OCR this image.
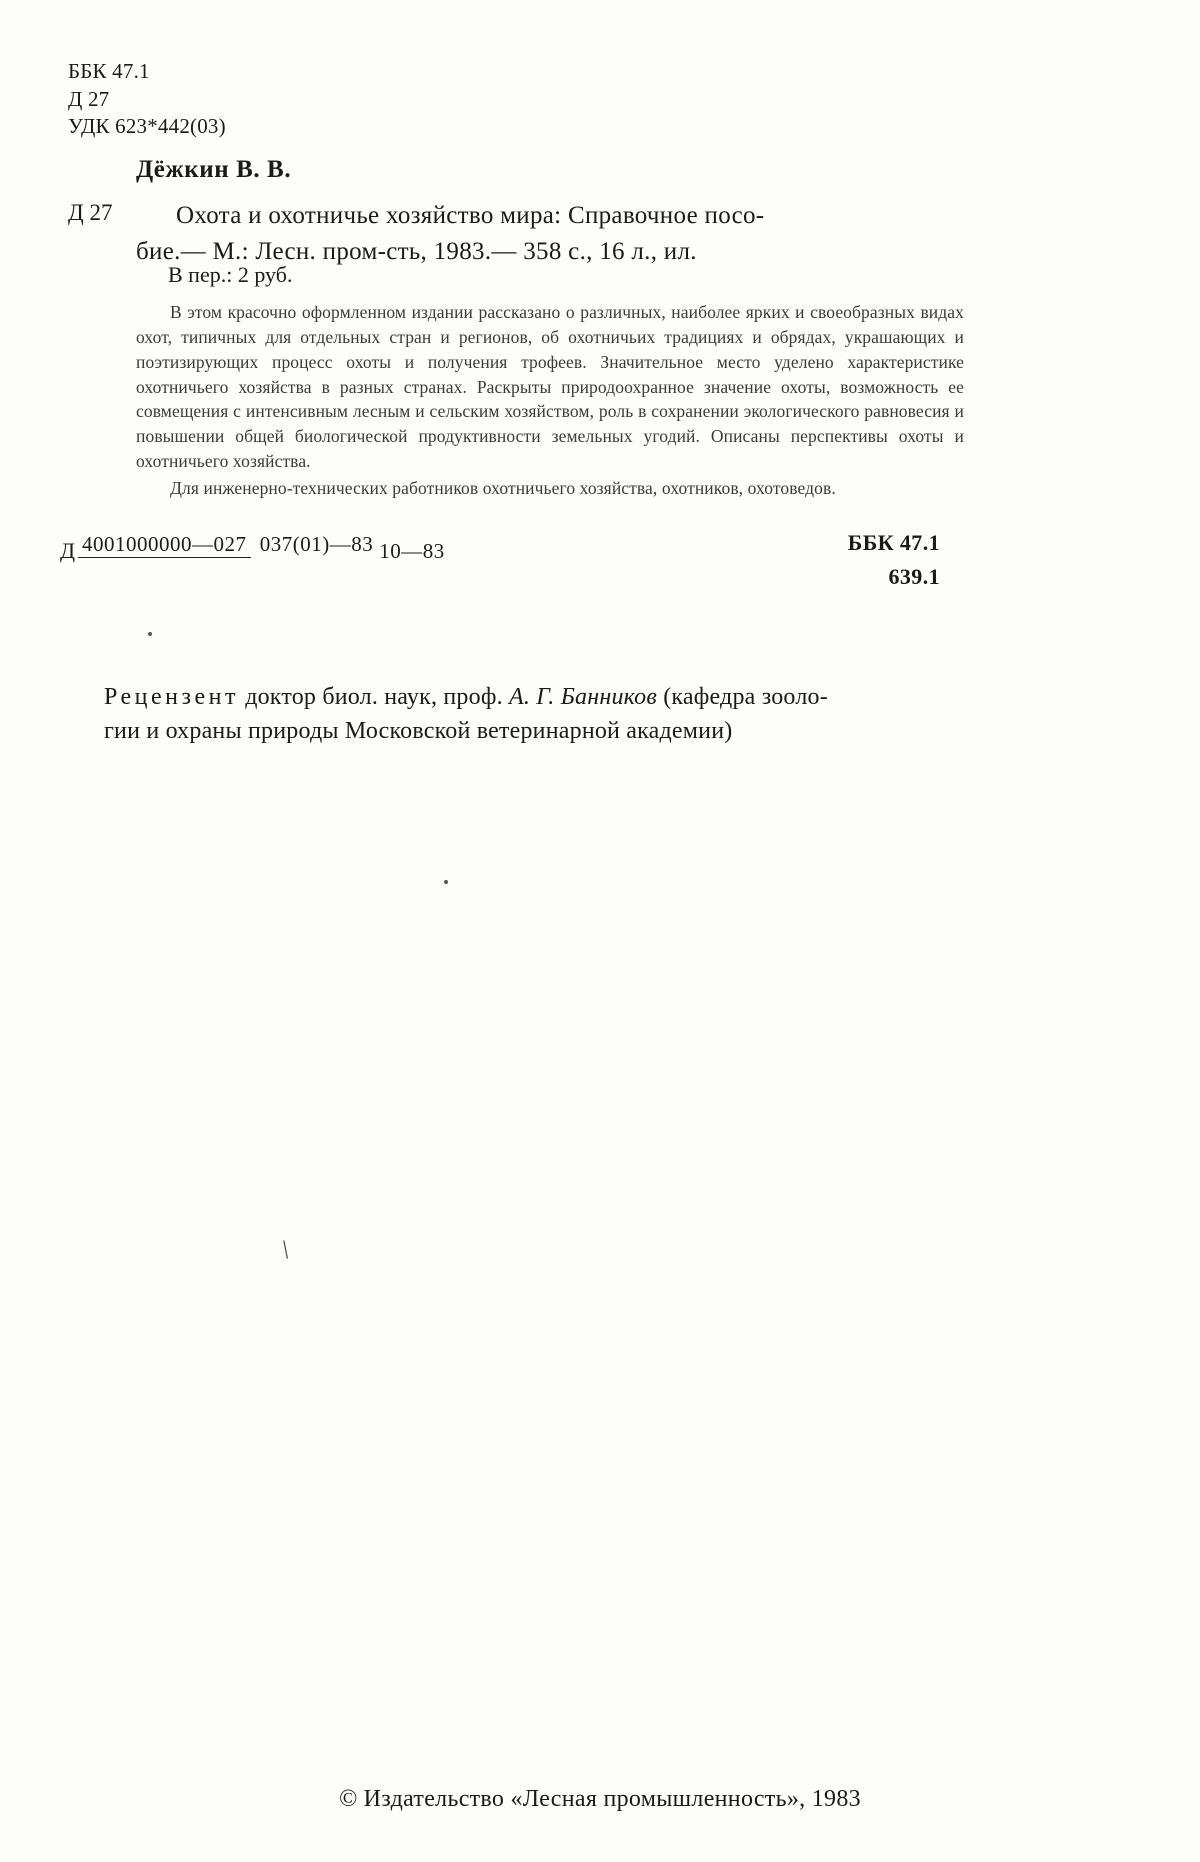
ББК 47.1
Д 27
УДК 623*442(03)
Дёжкин В. В.
Д 27	Охота и охотничье хозяйство мира: Справочное посо-
бие.— М.: Лесн. пром-сть, 1983.— 358 с., 16 л., ил.
В пер.: 2 руб.

В этом красочно оформленном издании рассказано о различных, наиболее ярких и своеобразных видах охот, типичных для отдельных стран и регионов, об охотничьих традициях и обрядах, украшающих и поэтизирующих процесс охоты и получения трофеев. Значительное место уделено характеристике охотничьего хозяйства в разных странах. Раскрыты природоохранное значение охоты, возможность ее совмещения с интенсивным лесным и сельским хозяйством, роль в сохранении экологического равновесия и повышении общей биологической продуктивности земельных угодий. Описаны перспективы охоты и охотничьего хозяйства.

Для инженерно-технических работников охотничьего хозяйства, охотников, охотоведов.

Д 4001000000—027 037(01)—83 10—83	ББК 47.1
639.1
Рецензент доктор биол. наук, проф. А. Г. Банников (кафедра зооло-
гии и охраны природы Московской ветеринарной академии)
\
© Издательство «Лесная промышленность», 1983
